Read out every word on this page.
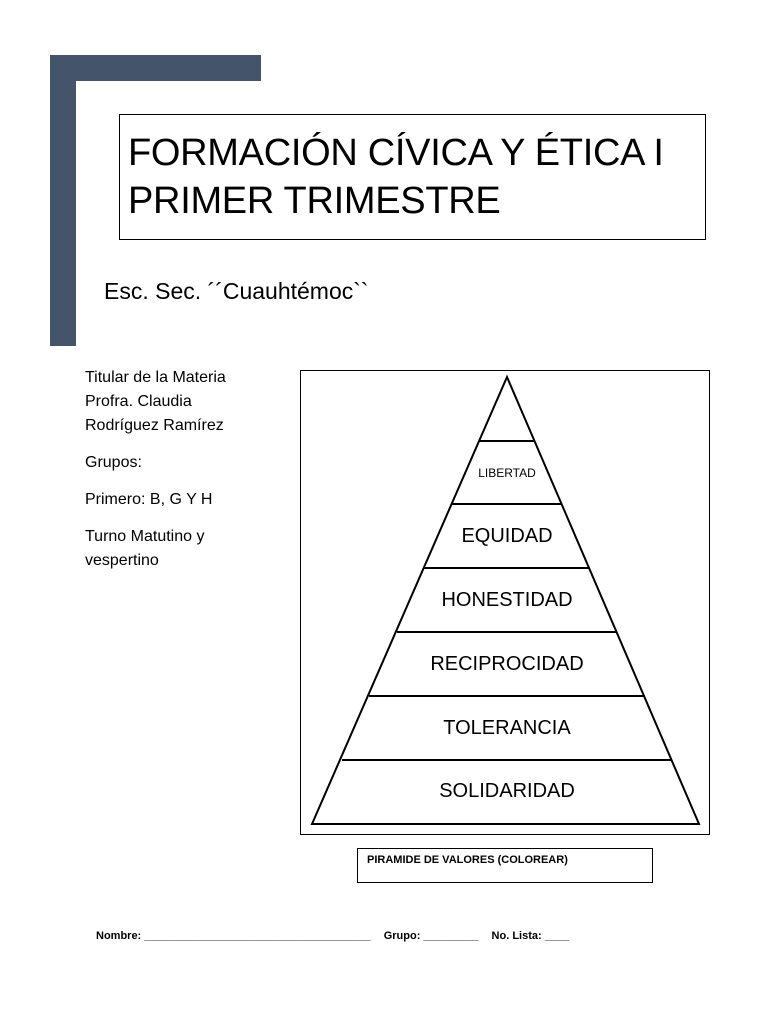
FORMACIÓN CÍVICA Y ÉTICA I
PRIMER TRIMESTRE
Esc. Sec. ´´Cuauhtémoc``

Titular de la Materia
Profra. Claudia
Rodríguez Ramírez

Grupos:

Primero: B, G Y H

Turno Matutino y
vespertino

LIBERTAD
EQUIDAD
HONESTIDAD
RECIPROCIDAD
TOLERANCIA
SOLIDARIDAD
PIRAMIDE DE VALORES (COLOREAR)
Nombre: _____________________________________ Grupo: _________ No. Lista: ____
